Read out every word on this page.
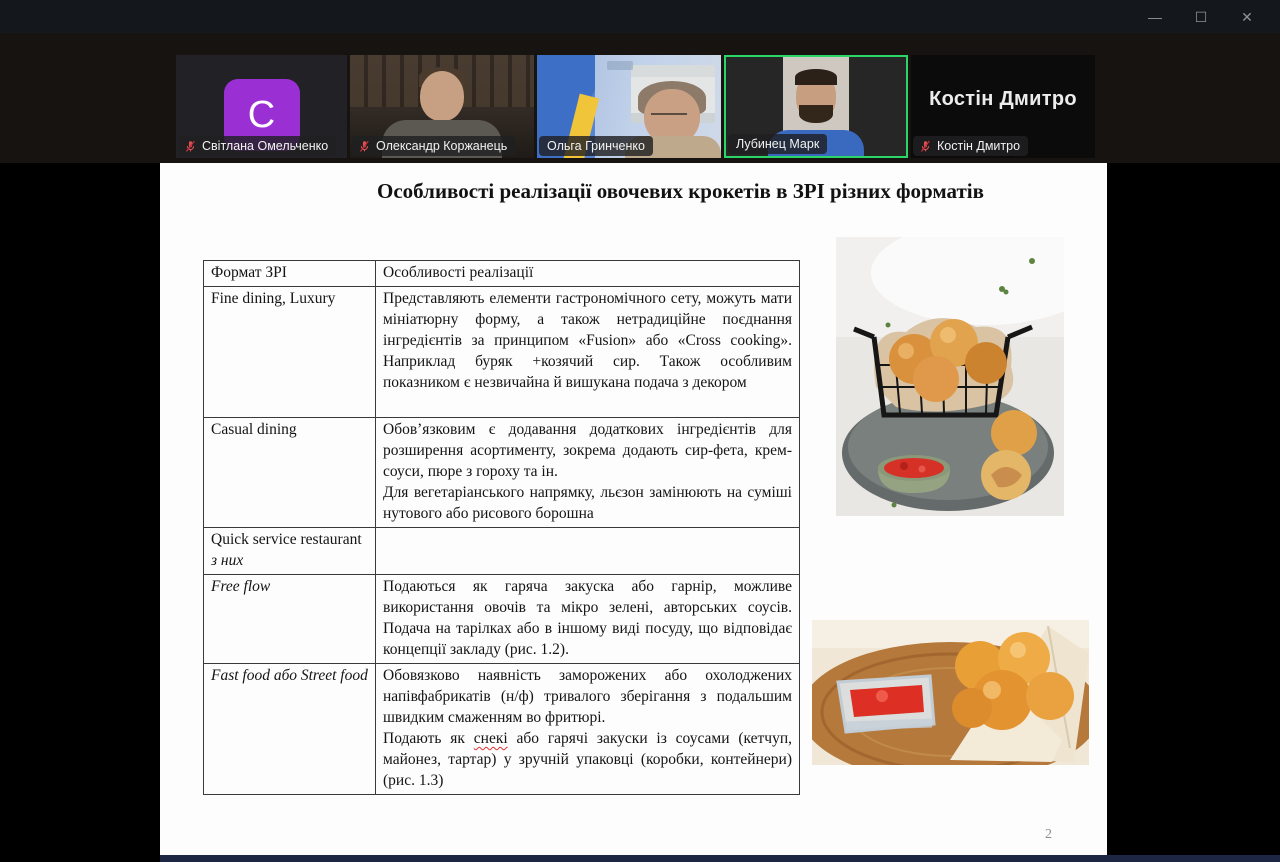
—	☐	✕
C
Світлана Омельченко	Олександр Коржанець	Ольга Гринченко	Лубинец Марк
Костін Дмитро
Костін Дмитро
Особливості реалізації овочевих крокетів в ЗРІ різних форматів
Формат ЗРІ	Особливості реалізації
Fine dining, Luxury	Представляють елементи гастрономічного сету, можуть мати мініатюрну форму, а також нетрадиційне поєднання інгредієнтів за принципом «Fusion» або «Cross cooking». Наприклад буряк +козячий сир. Також особливим показником є незвичайна й вишукана подача з декором

Casual dining	Обов’язковим є додавання додаткових інгредієнтів для розширення асортименту, зокрема додають сир-фета, крем-соуси, пюре з гороху та ін.
Для вегетаріанського напрямку, льєзон замінюють на суміші нутового або рисового борошна

Quick service restaurant з них	
Free flow	Подаються як гаряча закуска або гарнір, можливе використання овочів та мікро зелені, авторських соусів. Подача на тарілках або в іншому виді посуду, що відповідає концепції закладу (рис. 1.2).

Fast food або Street food	Обовязково наявність заморожених або охолоджених напівфабрикатів (н/ф) тривалого зберігання з подальшим швидким смаженням во фритюрі.
Подають як снекі або гарячі закуски із соусами (кетчуп, майонез, тартар) у зручній упаковці (коробки, контейнери) (рис. 1.3)
2
